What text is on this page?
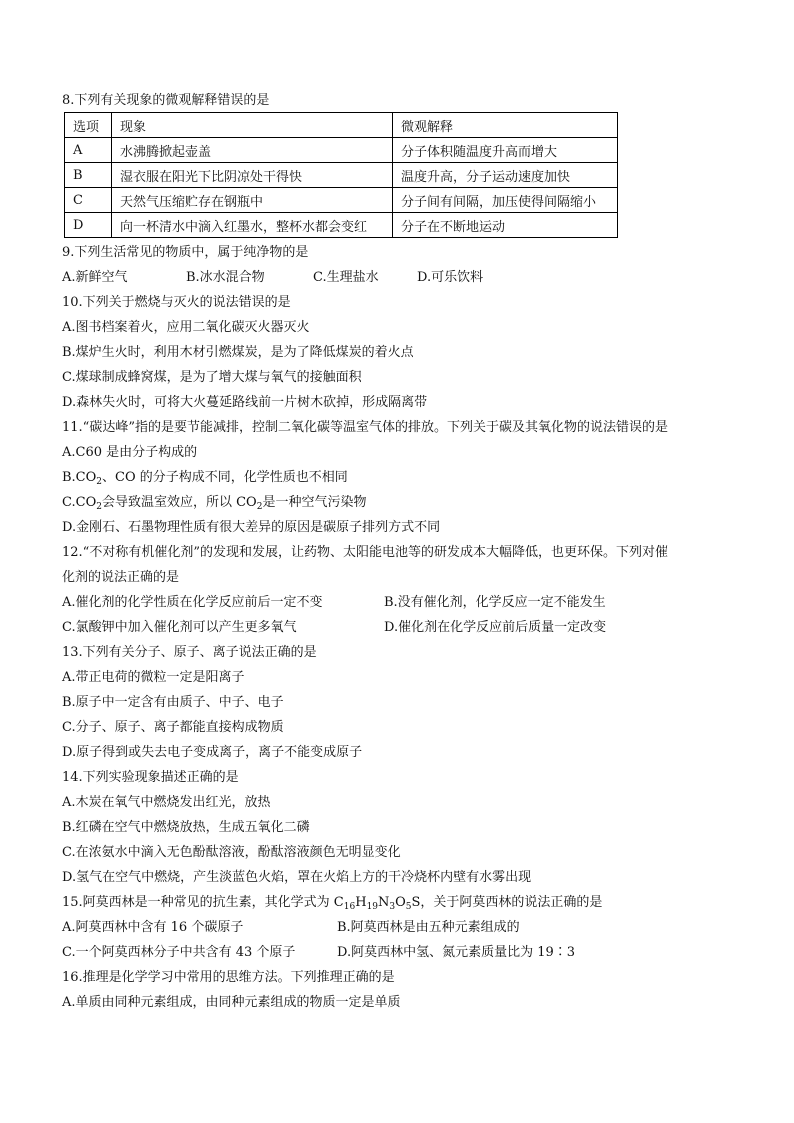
8.下列有关现象的微观解释错误的是
选项	现象	微观解释
A	水沸腾掀起壶盖	分子体积随温度升高而增大
B	湿衣服在阳光下比阴凉处干得快	温度升高，分子运动速度加快
C	天然气压缩贮存在钢瓶中	分子间有间隔，加压使得间隔缩小
D	向一杯清水中滴入红墨水，整杯水都会变红	分子在不断地运动
9.下列生活常见的物质中，属于纯净物的是
A.新鲜空气	B.冰水混合物	C.生理盐水	D.可乐饮料
10.下列关于燃烧与灭火的说法错误的是
A.图书档案着火，应用二氧化碳灭火器灭火
B.煤炉生火时，利用木材引燃煤炭，是为了降低煤炭的着火点
C.煤球制成蜂窝煤，是为了增大煤与氧气的接触面积
D.森林失火时，可将大火蔓延路线前一片树木砍掉，形成隔离带
11.“碳达峰”指的是要节能减排，控制二氧化碳等温室气体的排放。下列关于碳及其氧化物的说法错误的是
A.C60 是由分子构成的
$B.CO_2$、CO 的分子构成不同，化学性质也不相同
$C.CO_2$会导致温室效应，所以 $CO_2$是一种空气污染物
D.金刚石、石墨物理性质有很大差异的原因是碳原子排列方式不同
12.“不对称有机催化剂”的发现和发展，让药物、太阳能电池等的研发成本大幅降低，也更环保。下列对催
化剂的说法正确的是
A.催化剂的化学性质在化学反应前后一定不变	B.没有催化剂，化学反应一定不能发生
C.氯酸钾中加入催化剂可以产生更多氧气	D.催化剂在化学反应前后质量一定改变
13.下列有关分子、原子、离子说法正确的是
A.带正电荷的微粒一定是阳离子
B.原子中一定含有由质子、中子、电子
C.分子、原子、离子都能直接构成物质
D.原子得到或失去电子变成离子，离子不能变成原子
14.下列实验现象描述正确的是
A.木炭在氧气中燃烧发出红光，放热
B.红磷在空气中燃烧放热，生成五氧化二磷
C.在浓氨水中滴入无色酚酞溶液，酚酞溶液颜色无明显变化
D.氢气在空气中燃烧，产生淡蓝色火焰，罩在火焰上方的干冷烧杯内壁有水雾出现
15.阿莫西林是一种常见的抗生素，其化学式为 $C_{16}H_{19}N_3O_5S$，关于阿莫西林的说法正确的是
A.阿莫西林中含有 16 个碳原子	B.阿莫西林是由五种元素组成的
C.一个阿莫西林分子中共含有 43 个原子	D.阿莫西林中氢、氮元素质量比为 19∶3
16.推理是化学学习中常用的思维方法。下列推理正确的是
A.单质由同种元素组成，由同种元素组成的物质一定是单质
